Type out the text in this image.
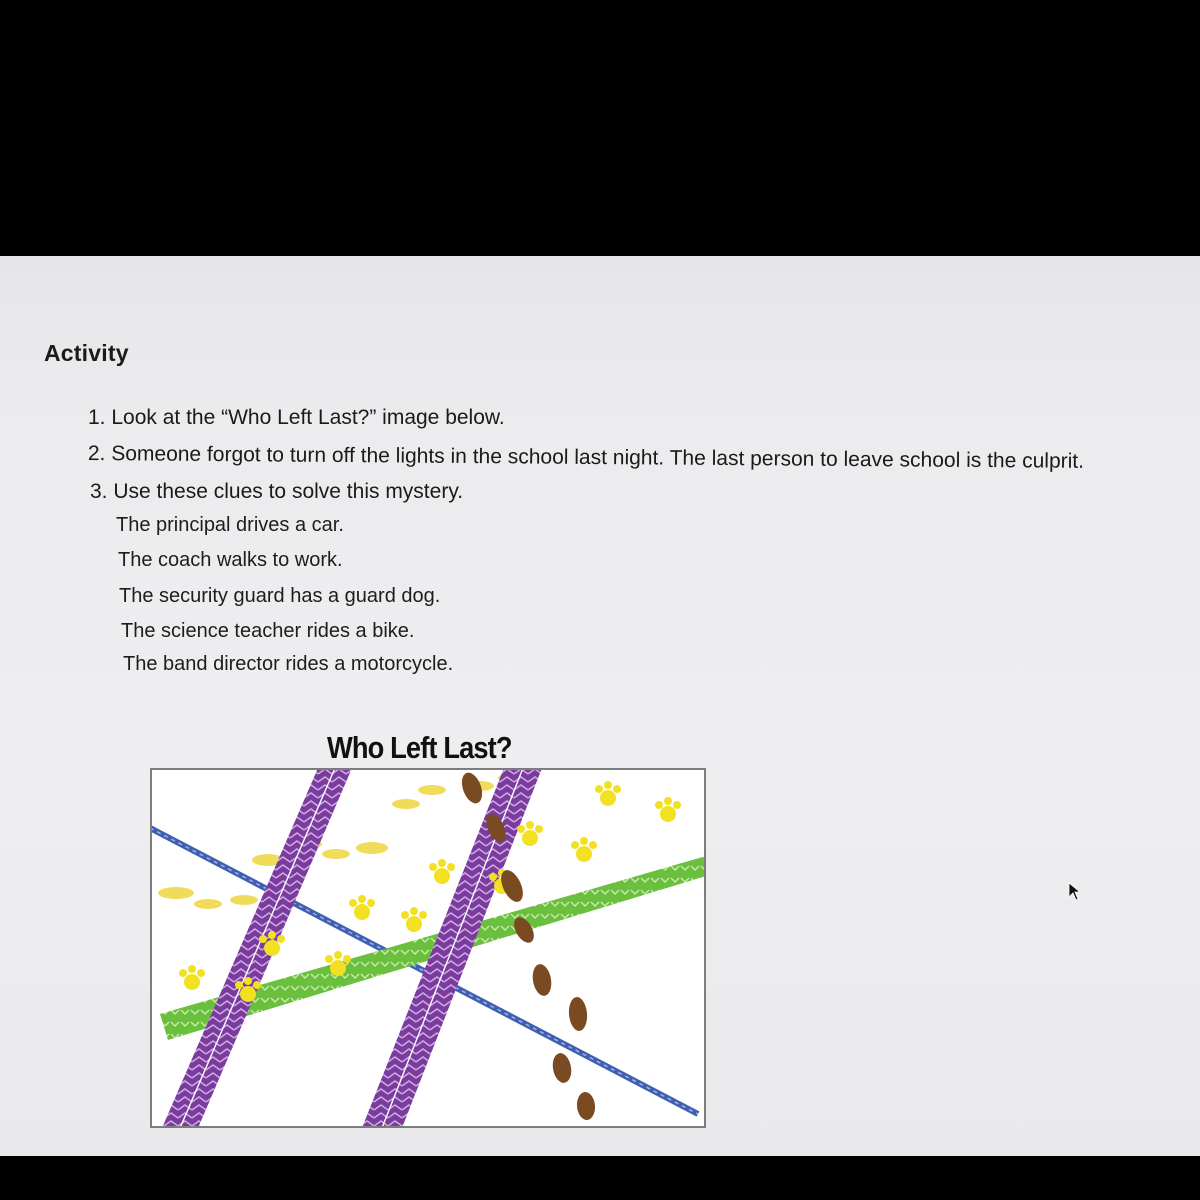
Activity
1. Look at the “Who Left Last?” image below.
2. Someone forgot to turn off the lights in the school last night. The last person to leave school is the culprit.
3. Use these clues to solve this mystery.
The principal drives a car.
The coach walks to work.
The security guard has a guard dog.
The science teacher rides a bike.
The band director rides a motorcycle.
Who Left Last?
